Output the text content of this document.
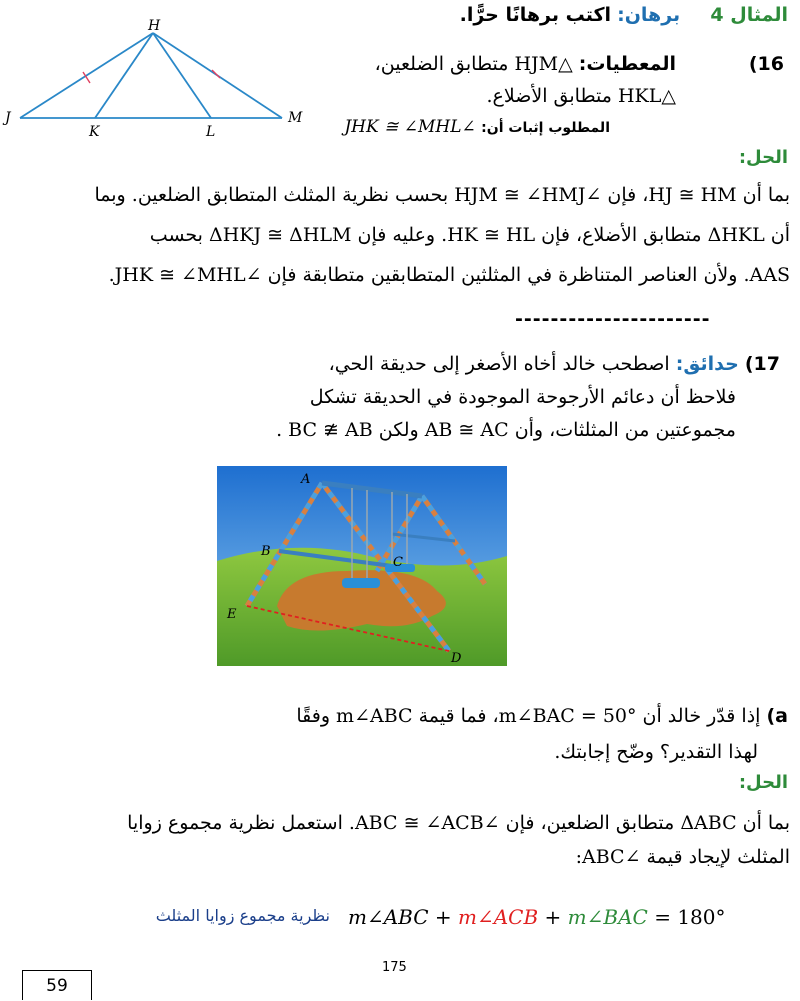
المثال 4     برهان: اكتب برهانًا حرًّا.
16)
المعطيات: △HJM متطابق الضلعين،
△HKL متطابق الأضلاع.
المطلوب إثبات أن: ∠JHK ≅ ∠MHL
H
J
K	L
M
الحل:
بما أن HJ ≅ HM، فإن ∠HJM ≅ ∠HMJ بحسب نظرية المثلث المتطابق الضلعين. وبما
أن ΔHKL متطابق الأضلاع، فإن HK ≅ HL. وعليه فإن ΔHKJ ≅ ΔHLM بحسب
AAS. ولأن العناصر المتناظرة في المثلثين المتطابقين متطابقة فإن ∠JHK ≅ ∠MHL.
----------------------
17) حدائق: اصطحب خالد أخاه الأصغر إلى حديقة الحي،
فلاحظ أن دعائم الأرجوحة الموجودة في الحديقة تشكل
مجموعتين من المثلثات، وأن AB ≅ AC ولكن BC ≇ AB .
A
B
C
E
D
a) إذا قدّر خالد أن m∠BAC = 50°، فما قيمة m∠ABC وفقًا
لهذا التقدير؟ وضّح إجابتك.
الحل:
بما أن ΔABC متطابق الضلعين، فإن ∠ABC ≅ ∠ACB. استعمل نظرية مجموع زوايا
المثلث لإيجاد قيمة ∠ABC:
m∠ABC + m∠ACB + m∠BAC = 180°
نظرية مجموع زوايا المثلث
175
59
